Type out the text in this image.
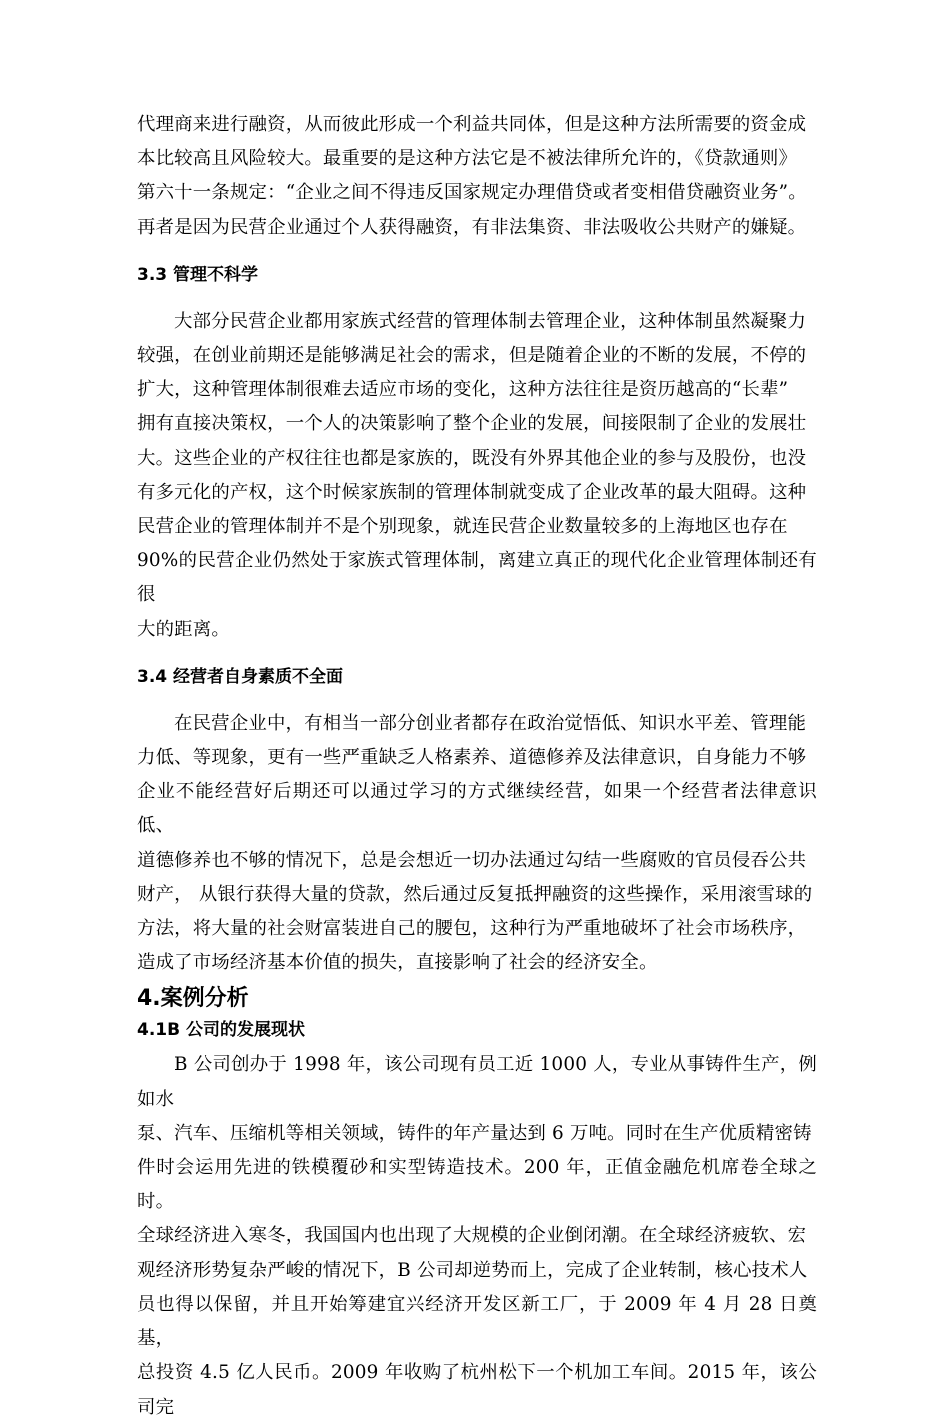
代理商来进行融资，从而彼此形成一个利益共同体，但是这种方法所需要的资金成
本比较高且风险较大。最重要的是这种方法它是不被法律所允许的，《贷款通则》
第六十一条规定：“企业之间不得违反国家规定办理借贷或者变相借贷融资业务”。
再者是因为民营企业通过个人获得融资，有非法集资、非法吸收公共财产的嫌疑。

3.3 管理不科学

大部分民营企业都用家族式经营的管理体制去管理企业，这种体制虽然凝聚力
较强，在创业前期还是能够满足社会的需求，但是随着企业的不断的发展，不停的
扩大，这种管理体制很难去适应市场的变化，这种方法往往是资历越高的“长辈”
拥有直接决策权，一个人的决策影响了整个企业的发展，间接限制了企业的发展壮
大。这些企业的产权往往也都是家族的，既没有外界其他企业的参与及股份，也没
有多元化的产权，这个时候家族制的管理体制就变成了企业改革的最大阻碍。这种
民营企业的管理体制并不是个别现象，就连民营企业数量较多的上海地区也存在
90%的民营企业仍然处于家族式管理体制，离建立真正的现代化企业管理体制还有很
大的距离。

3.4 经营者自身素质不全面

在民营企业中，有相当一部分创业者都存在政治觉悟低、知识水平差、管理能
力低、等现象，更有一些严重缺乏人格素养、道德修养及法律意识，自身能力不够
企业不能经营好后期还可以通过学习的方式继续经营，如果一个经营者法律意识低、
道德修养也不够的情况下，总是会想近一切办法通过勾结一些腐败的官员侵吞公共
财产， 从银行获得大量的贷款，然后通过反复抵押融资的这些操作，采用滚雪球的
方法，将大量的社会财富装进自己的腰包，这种行为严重地破坏了社会市场秩序，
造成了市场经济基本价值的损失，直接影响了社会的经济安全。

4.案例分析
4.1B 公司的发展现状

B 公司创办于 1998 年，该公司现有员工近 1000 人，专业从事铸件生产，例如水
泵、汽车、压缩机等相关领域，铸件的年产量达到 6 万吨。同时在生产优质精密铸
件时会运用先进的铁模覆砂和实型铸造技术。200 年，正值金融危机席卷全球之时。
全球经济进入寒冬，我国国内也出现了大规模的企业倒闭潮。在全球经济疲软、宏
观经济形势复杂严峻的情况下，B 公司却逆势而上，完成了企业转制，核心技术人
员也得以保留，并且开始筹建宜兴经济开发区新工厂，于 2009 年 4 月 28 日奠基，
总投资 4.5 亿人民币。2009 年收购了杭州松下一个机加工车间。2015 年，该公司完
